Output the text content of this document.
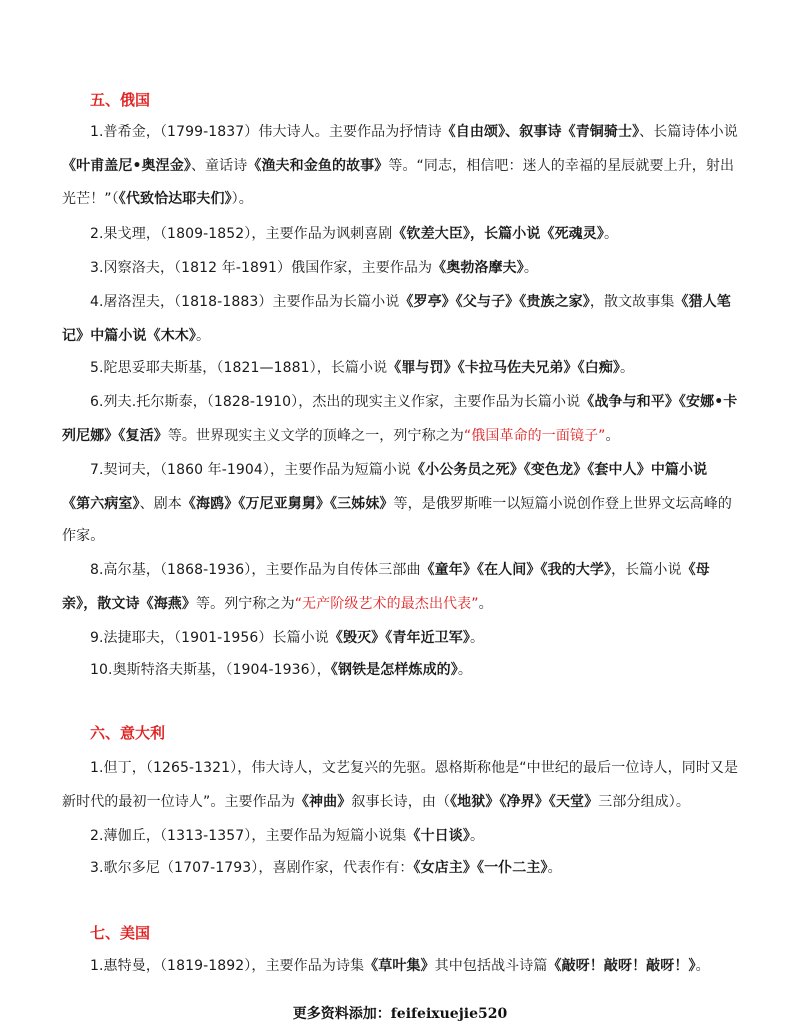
五、俄国
1.普希金，（1799-1837）伟大诗人。主要作品为抒情诗《自由颂》、叙事诗《青铜骑士》、长篇诗体小说
《叶甫盖尼•奥涅金》、童话诗《渔夫和金鱼的故事》等。“同志，相信吧：迷人的幸福的星辰就要上升，射出
光芒！”（《代致恰达耶夫们》）。
2.果戈理，（1809-1852），主要作品为讽刺喜剧《钦差大臣》，长篇小说《死魂灵》。
3.冈察洛夫，（1812 年-1891）俄国作家，主要作品为《奥勃洛摩夫》。
4.屠洛涅夫，（1818-1883）主要作品为长篇小说《罗亭》《父与子》《贵族之家》，散文故事集《猎人笔
记》中篇小说《木木》。
5.陀思妥耶夫斯基，（1821—1881），长篇小说《罪与罚》《卡拉马佐夫兄弟》《白痴》。
6.列夫.托尔斯泰，（1828-1910），杰出的现实主义作家，主要作品为长篇小说《战争与和平》《安娜•卡
列尼娜》《复活》等。世界现实主义文学的顶峰之一，列宁称之为“俄国革命的一面镜子”。
7.契诃夫，（1860 年-1904），主要作品为短篇小说《小公务员之死》《变色龙》《套中人》中篇小说
《第六病室》、剧本《海鸥》《万尼亚舅舅》《三姊妹》等，是俄罗斯唯一以短篇小说创作登上世界文坛高峰的
作家。
8.高尔基，（1868-1936），主要作品为自传体三部曲《童年》《在人间》《我的大学》，长篇小说《母
亲》，散文诗《海燕》等。列宁称之为“无产阶级艺术的最杰出代表”。
9.法捷耶夫，（1901-1956）长篇小说《毁灭》《青年近卫军》。
10.奥斯特洛夫斯基，（1904-1936），《钢铁是怎样炼成的》。
六、意大利
1.但丁，（1265-1321），伟大诗人，文艺复兴的先驱。恩格斯称他是“中世纪的最后一位诗人，同时又是
新时代的最初一位诗人”。主要作品为《神曲》叙事长诗，由（《地狱》《净界》《天堂》三部分组成）。
2.薄伽丘，（1313-1357），主要作品为短篇小说集《十日谈》。
3.歌尔多尼（1707-1793），喜剧作家，代表作有：《女店主》《一仆二主》。
七、美国
1.惠特曼，（1819-1892），主要作品为诗集《草叶集》其中包括战斗诗篇《敲呀！敲呀！敲呀！》。
更多资料添加：feifeixuejie520
